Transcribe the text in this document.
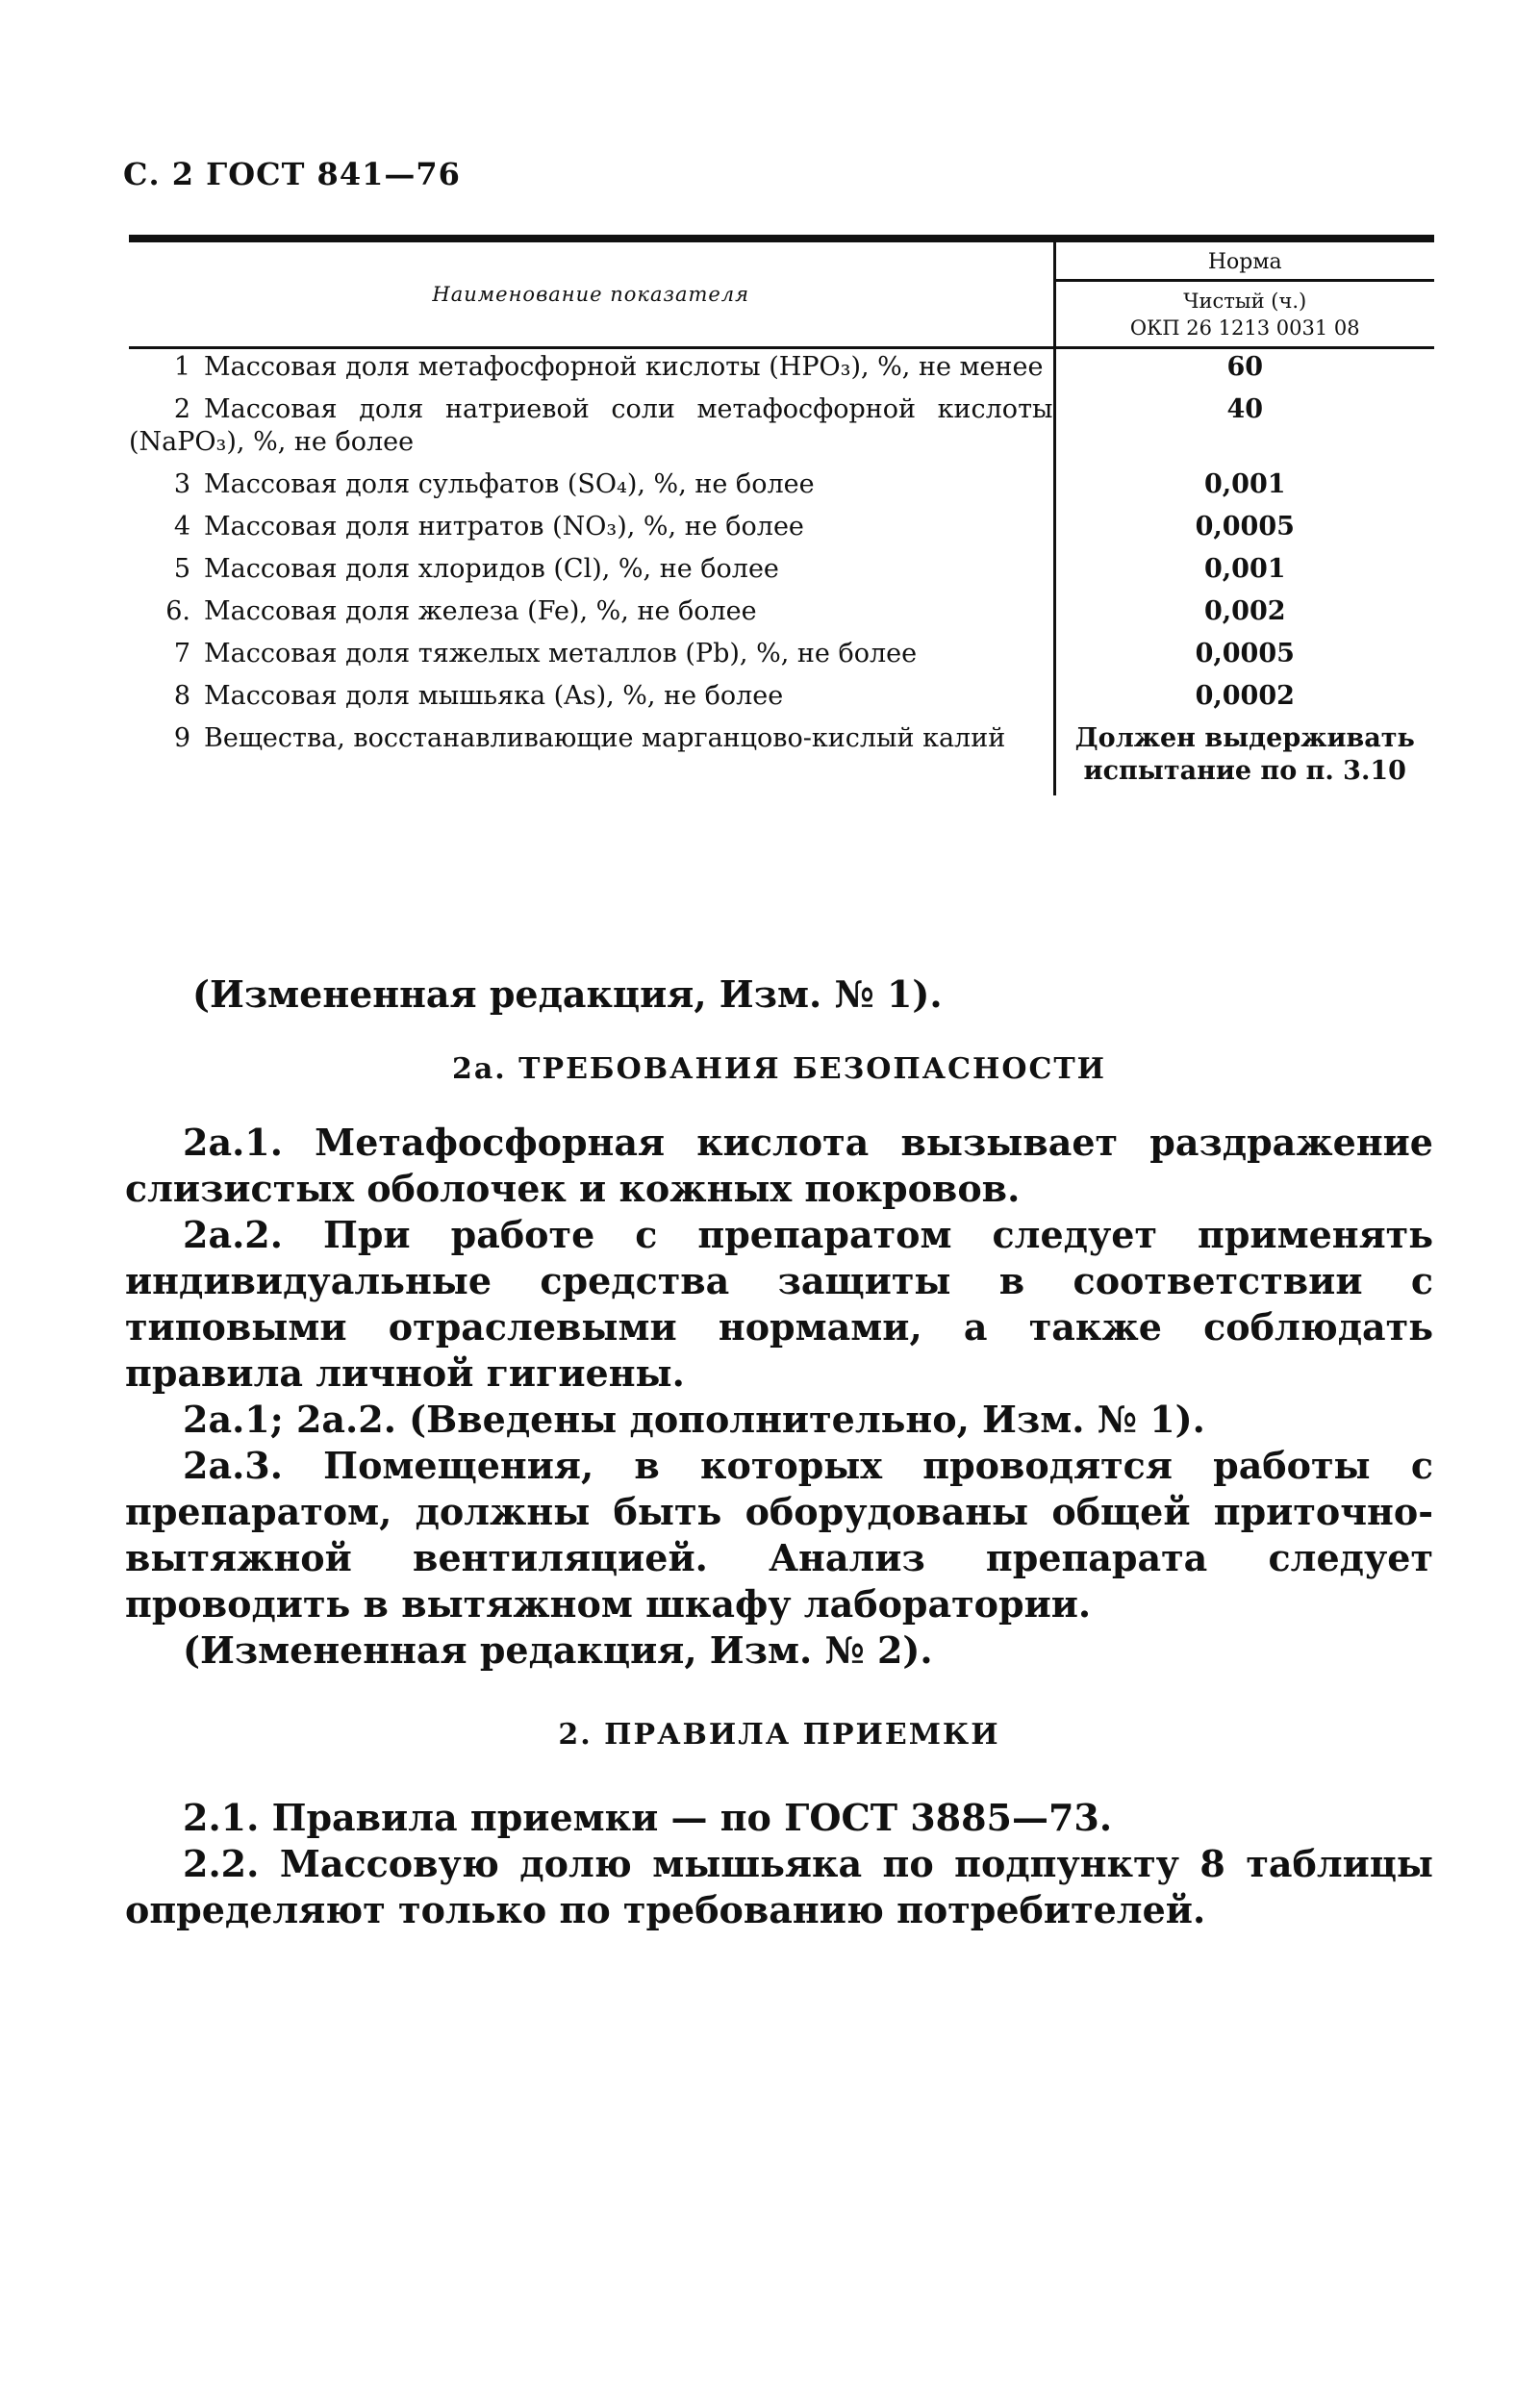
С. 2 ГОСТ 841—76
Наименование показателя	Норма

	Чистый (ч.)
ОКП 26 1213 0031 08

1 Массовая доля метафосфорной кислоты (HPO₃), %, не менее	60
2 Массовая доля натриевой соли метафосфорной кислоты (NaPO₃), %, не более	40
3 Массовая доля сульфатов (SO₄), %, не более	0,001
4 Массовая доля нитратов (NO₃), %, не более	0,0005
5 Массовая доля хлоридов (Cl), %, не более	0,001
6. Массовая доля железа (Fe), %, не более	0,002
7 Массовая доля тяжелых металлов (Pb), %, не более	0,0005
8 Массовая доля мышьяка (As), %, не более	0,0002
9 Вещества, восстанавливающие марганцово-кислый калий	Должен выдерживать испытание по п. 3.10

(Измененная редакция, Изм. № 1).

2а. ТРЕБОВАНИЯ БЕЗОПАСНОСТИ

2а.1. Метафосфорная кислота вызывает раздражение слизистых оболочек и кожных покровов.

2а.2. При работе с препаратом следует применять индивидуальные средства защиты в соответствии с типовыми отраслевыми нормами, а также соблюдать правила личной гигиены.

2а.1; 2а.2. (Введены дополнительно, Изм. № 1).

2а.3. Помещения, в которых проводятся работы с препаратом, должны быть оборудованы общей приточно-вытяжной вентиляцией. Анализ препарата следует проводить в вытяжном шкафу лаборатории.

(Измененная редакция, Изм. № 2).

2. ПРАВИЛА ПРИЕМКИ

2.1. Правила приемки — по ГОСТ 3885—73.

2.2. Массовую долю мышьяка по подпункту 8 таблицы определяют только по требованию потребителей.
